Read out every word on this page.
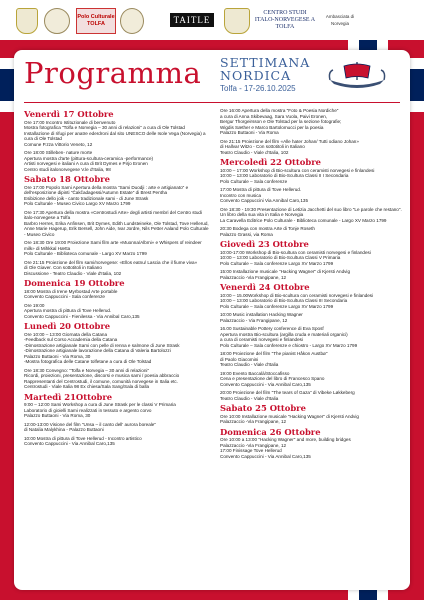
Polo Culturale TOLFA	TAITLE
CENTRO STUDI ITALO-NORVEGESE A TOLFA
Ambasciata di Norvegia
Programma SETTIMANA
NORDICA
Tolfa - 17-26.10.2025
Venerdì 17 Ottobre
Ore 17:00 Incontro Istituzionale di benvenuto
Mostra fotografica "Tolfa e Norvegia – 30 anni di relazioni" a cura di Ole Tolstad
Installazione di rifugi per anatre ederdroni dal sito UNESCO delle Isole Vega (Norvegia) a cura di Ole Tolstad
Comune P.zza Vittorio Veneto, 12
Ore 18:00 Stilleben- nature morte
Apertura mostra d'arte (pittura-scultura-ceramica -performance)
Artisti norvegesi e italiani A cura di Brit Dymes e Pirjo Eronen
Centro studi italonorvegese V.le d'Italia, 98
Sabato 18 Ottobre
Ore 17:00 Popolo Sami Apertura della mostra "Sami Duodji : arte e artigianato" e dell'esposizione dipinti "Čakčadagessi/Autumn Estate" di Brest Pentha
Esibizione dello joik - canto tradizionale sami - di June Strask
Polo Culturale - Museo Civico Largo XV Marzo 1799
Ore 17:30 Apertura della mostra «Centrostudi Arte» degli artisti membri del Centro studi italo-norvegese a Tolfa
Barbro Herres, Erika Anfinsen, Brit Dymes, Edith Lundsteineke, Ole Tolstad, Tove Hellerud, Anne Marie Hagerup, Erik Bersell, John Aide, Ivar Jordre, Nils Petter Aaland Polo Culturale - Museo Civico
Ore 18:30 Ore 19:00 Proiezione Sami film arte «Muonna/Albmi» e Whispers of reindeer milk» di Mihkkal Hætta
Polo Culturale - Biblioteca comunale - Largo XV Marzo 1799
Ore 21:15 Proiezione del film sami/norvegese: «Ellos eatnu/ Lascia che il fiume viva»
di Ole Giaver. Con sottotitoli in Italiano
Discussione - Teatro Claudio - Viale d'Italia, 102
Domenica 19 Ottobre
18:00 Mostra di Irene Myrbostad Arte portable
Convento Cappuccini - Sala conferenze
Ore 19:00
Apertura mostra di pittura di Tove Hellerud.
Convento Cappuccini - Fienilessa - Via Annibal Caro,135
Lunedì 20 Ottobre
Ore 10:00 – 13:00 Giornata della Catana
-Feedback sul Corso Accademia della Catana
-Dimostrazione artigianale Sami con pelle di renna e salmone di June Strask
-Dimostrazione artigianale lavorazione della Catana di Valeria Bartolozzi
Palazzo Buttaoni - Via Roma, 30
-Mostra fotografica delle Catane tolfetane a cura di Ole Tolstad
Ore 18:30 Convegno: "Tolfa e Norvegia – 30 anni di relazioni"
Ricordi, proiezioni, presentazione, discorsi e musica sami / poesia abbraccio
Rappresentanti del Centrostudi, il comune, comunità norvegese in Italia etc.
Centrostudi - Viale Italia 98 Ex chiesa/Sala Sang/Sala di balla
Martedì 21Ottobre
9:00 – 12:00 Sami Workshop a cura di June Strask per le classi V Primaria
Laboratorio di gioielli Sami realizzati in tessuto e argento corvo
Palazzo Buttaoni - Via Roma, 30
12:00-13:00 Visione del film "Unsa – il canto dell' aurora boreale"
di Natalia Malykhina - Palazzo Buttaoni
10:00 Mostra di pittura di Tove Hellerud - Incontro artistico
Convento Cappuccini - Via Annibal Caro,135
Ore 16:00 Apertura della mostra "Foto & Poesia Nordiche"
a cura di Anna Skibevaag, Sara Vuola, Paivi Eronen,
Bergur Thorgeirsson e Ole Tolstad per la sezione fotografie;
Wigdis Sæther e Marco Bartolomucci per la poesia
Palazzo Buttaoni - Via Roma
Ore 21:15 Proiezione del film «Alle hater Johan/ Tutti odiano Johan»
di Hallvar Witzo - Con sottotitoli in Italiano
Teatro Claudio - Viale d'Italia, 102
Mercoledì 22 Ottobre
10:00 – 17:00 Workshop di Bio-scultura con ceramisti norvegesi e finlandesi
10:00 – 13:00 Laboratorio di Bio-Scultura Classi II I Secondaria
Polo Culturale – Sala conferenze
17:00 Mostra di pittura di Tove Hellerud.
Incontro con musica
Convento Cappuccini Via Annibal Caro,135
Ore 18:30 - 19:30 Presentazione di Letizia Jacchetti del suo libro "Le parole che restano". Un libro della sua vita in Italia e Norvegia
La Caravella Editrice Polo Culturale - Biblioteca comunale - Largo XV Marzo 1799
20:30 Bodega con mostra Arte di Tonje Roseth
Palazzo Grassi, via Roma
Giovedì 23 Ottobre
10:00-17:00 Workshop di Bio-scultura con ceramisti norvegesi e finlandesi
10:00 – 13:00 Laboratorio di Bio-Scultura Classi V Primaria
Polo Culturale – Sala conferenze Largo XV Marzo 1799
15:00 Installazione musicale "Hacking Wagner" di Kjersti Andvig
Palazzaccio -Via Frangipane, 12
Venerdì 24 Ottobre
10:00 – 15.00Workshop di Bio-scultura con ceramisti norvegesi e finlandesi
10:00 – 13:00 Laboratorio di Bio-Scultura Classi III Secondaria
Polo Culturale – Sala conferenze Largo XV Marzo 1799
10:00 Music installation Hacking Wagner
Palazzaccio - Via Frangipane, 12
16.00 Sustainable Pottery conference di Eva Sposf
Apertura mostra Bio-scultura (argilla cruda e materiali organici)
a cura di ceramisti norvegesi e finlandesi
Polo Culturale – Sala conferenze e chiostro - Largo XV Marzo 1799
18:00 Proiezione del film "The pianist Håkon Austbø"
di Paolo Giacomini
Teatro Claudio - Viale d'Italia
19:00 Evento Baccalà/Stoccafisso
Cena e presentazione del libro di Francesco Spano
Convento Cappuccini - Via Annibal Caro,135
20:00 Proiezione del film "The tears of Gaza" di Vibeke Løkkeberg
Teatro Claudio - Viale d'Italia
Sabato 25 Ottobre
Ore 10:00 Installazione musicale "Hacking Wagner" di Kjersti Andvig
Palazzaccio -Via Frangipane, 12
Domenica 26 Ottobre
Ore 10:00 a 13:00 "Hacking Wagner" and more, building bridges
Palazzaccio -Via Frangipane, 12
17:00 Finissage Tove Hellerud
Convento Cappuccini - Via Annibal Caro,135
